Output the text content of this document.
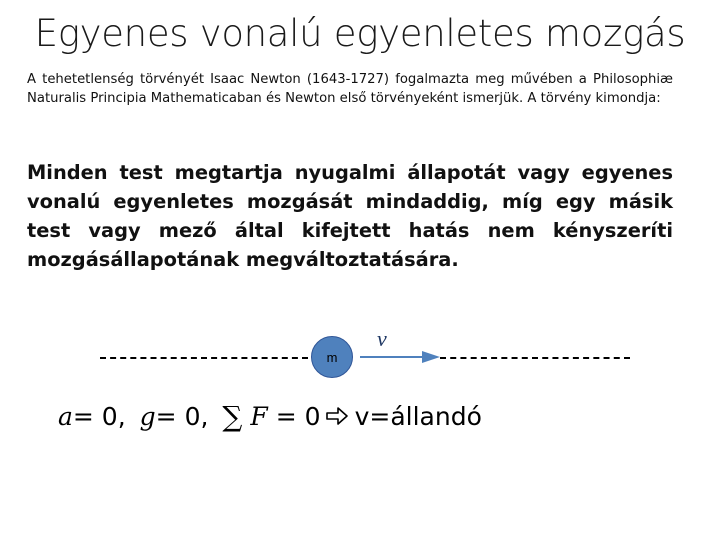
Egyenes vonalú egyenletes mozgás
A tehetetlenség törvényét Isaac Newton (1643-1727) fogalmazta meg művében a Philosophiæ Naturalis Principia Mathematicaban és Newton első törvényeként ismerjük. A törvény kimondja:
Minden test megtartja nyugalmi állapotát vagy egyenes vonalú egyenletes mozgását mindaddig, míg egy másik test vagy mező által kifejtett hatás nem kényszeríti mozgásállapotának megváltoztatására.
m
v
a = 0, g = 0, ∑ F = 0 v=állandó
